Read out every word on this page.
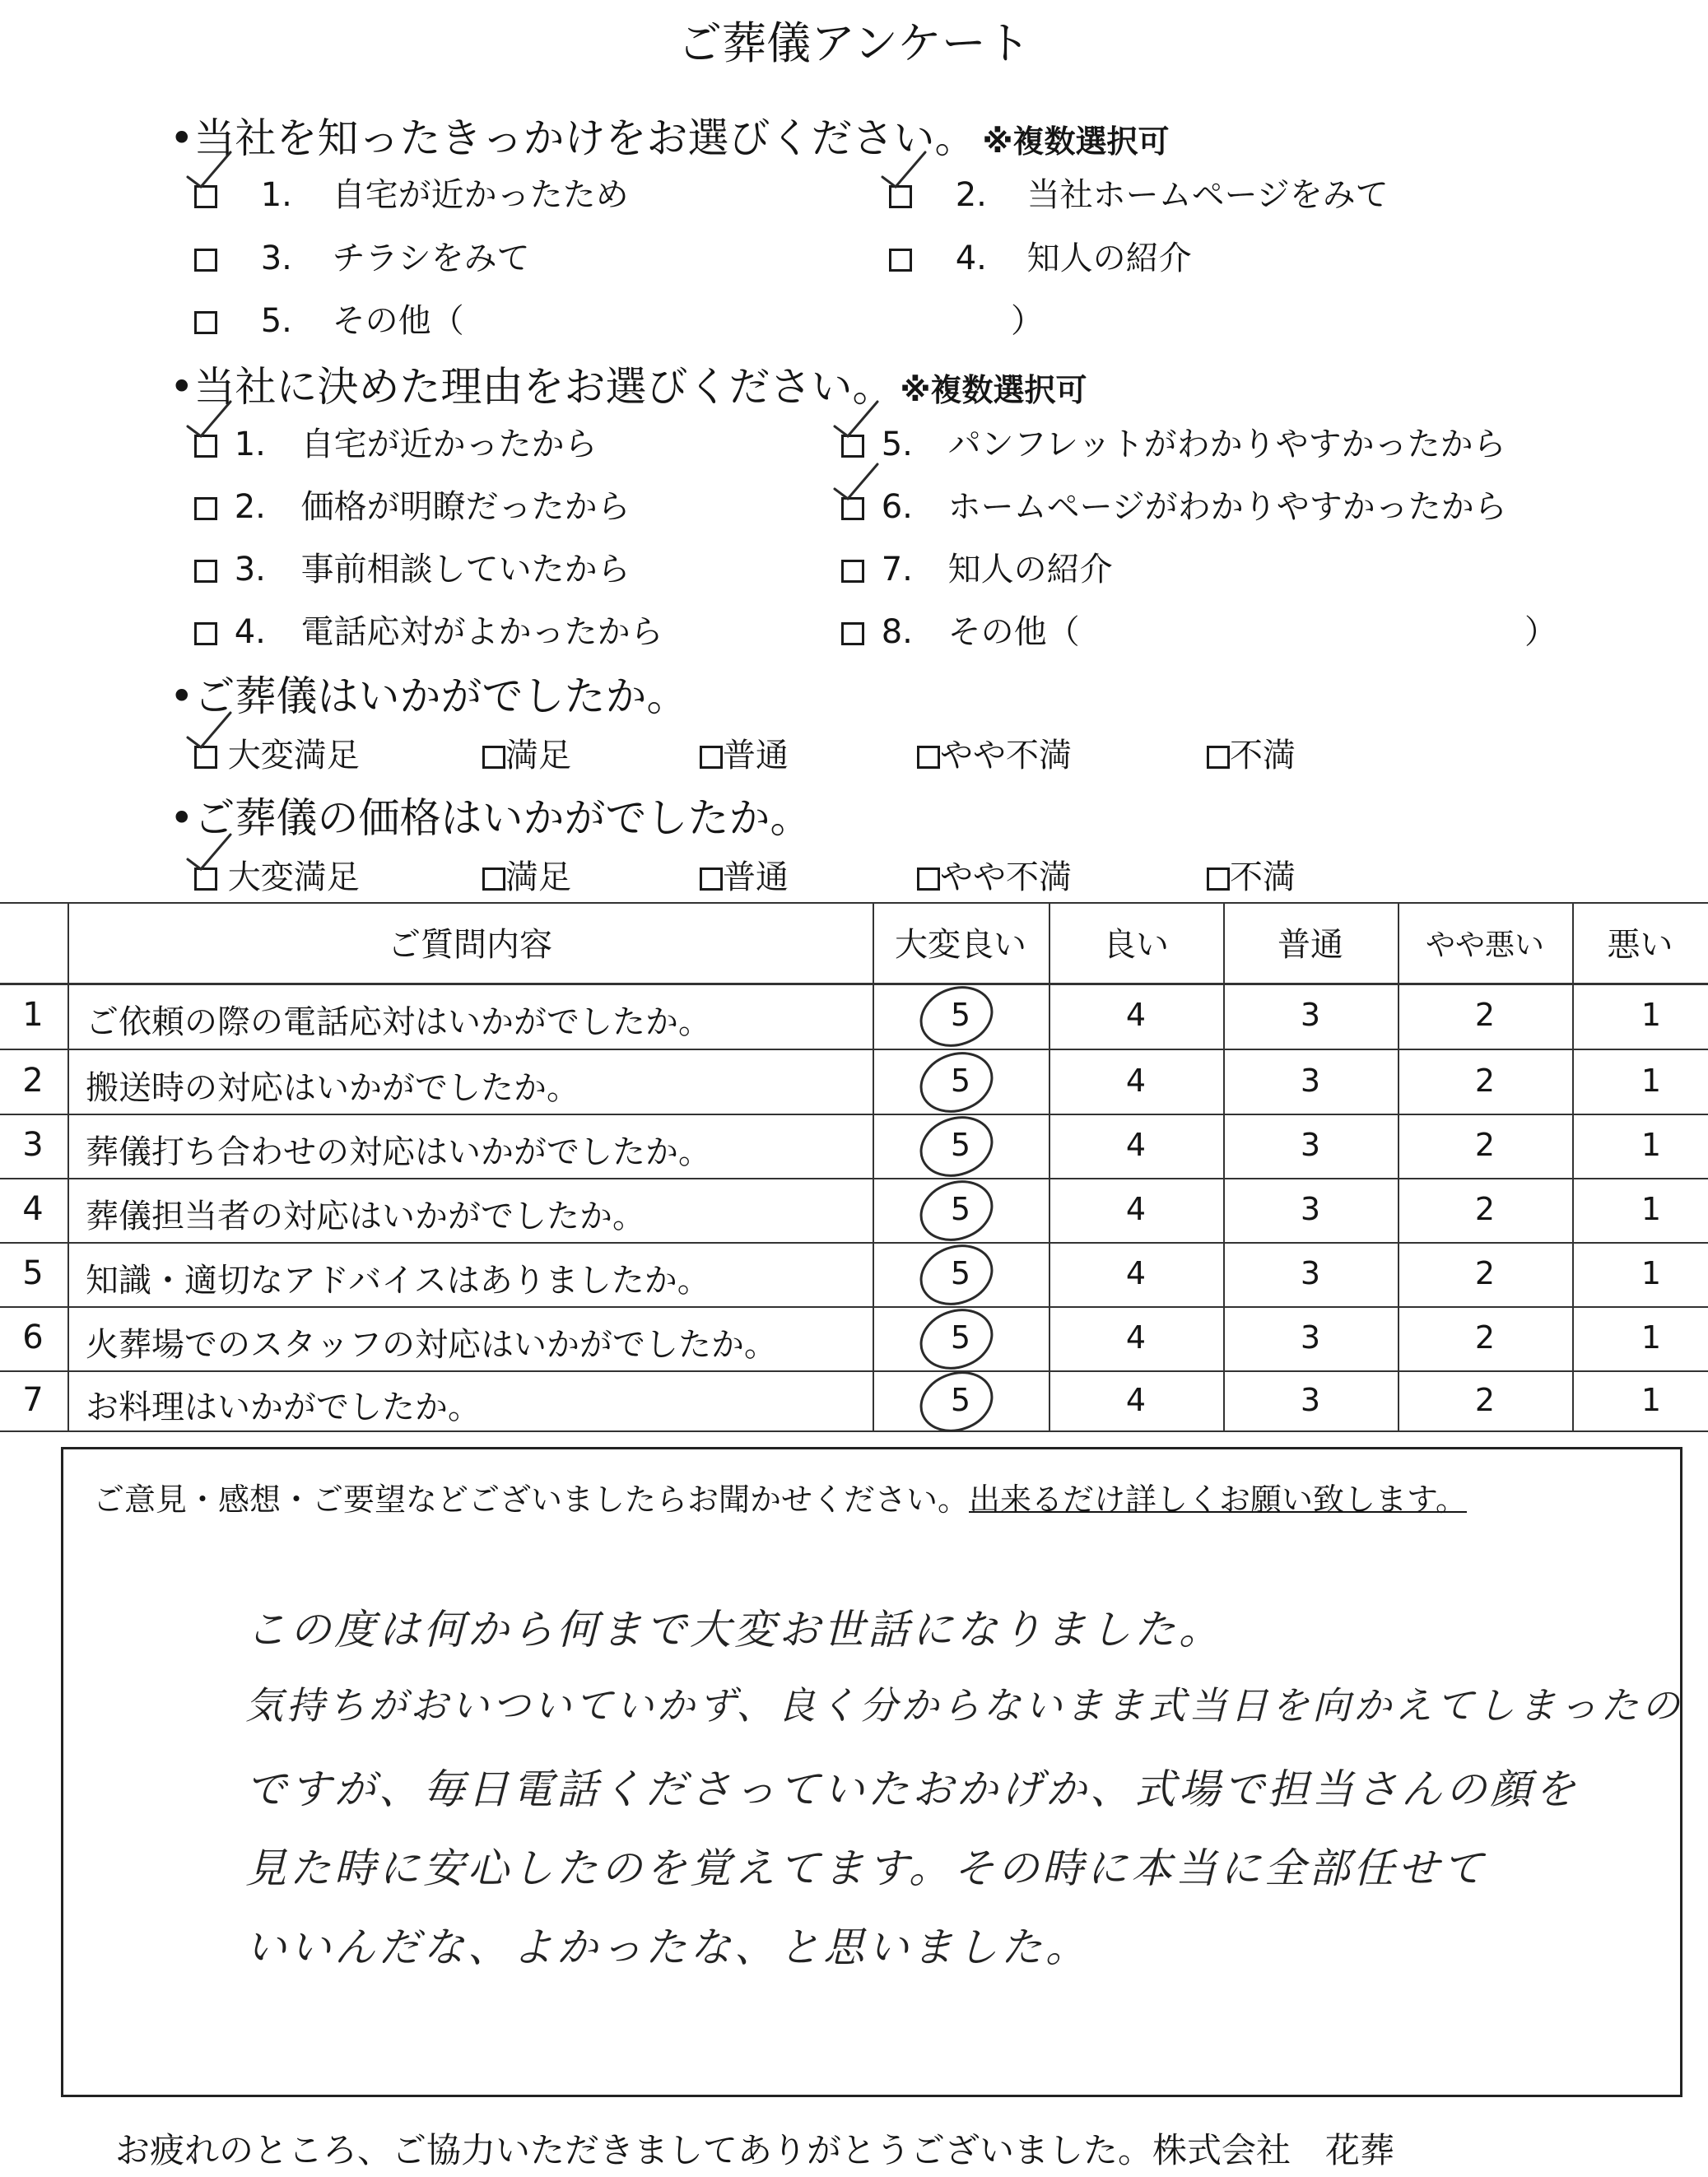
ご葬儀アンケート
•当社を知ったきっかけをお選びください。 ※複数選択可

1. 自宅が近かったため
	2. 当社ホームページをみて
3. チラシをみて	4. 知人の紹介
5. その他（	）
•当社に決めた理由をお選びください。 ※複数選択可

1. 自宅が近かったから
2. 価格が明瞭だったから
3. 事前相談していたから
4. 電話応対がよかったから

5. パンフレットがわかりやすかったから

6. ホームページがわかりやすかったから
7. 知人の紹介
8. その他（	）
•ご葬儀はいかがでしたか。

大変満足	満足	普通	やや不満	不満
•ご葬儀の価格はいかがでしたか。

大変満足	満足	普通	やや不満	不満
ご質問内容	大変良い	良い	普通	やや悪い	悪い
1	ご依頼の際の電話応対はいかがでしたか。	5	4	3	2	1
2	搬送時の対応はいかがでしたか。	5	4	3	2	1
3	葬儀打ち合わせの対応はいかがでしたか。	5	4	3	2	1
4	葬儀担当者の対応はいかがでしたか。	5	4	3	2	1
5	知識・適切なアドバイスはありましたか。	5	4	3	2	1
6	火葬場でのスタッフの対応はいかがでしたか。	5	4	3	2	1
7	お料理はいかがでしたか。	5	4	3	2	1
ご意見・感想・ご要望などございましたらお聞かせください。出来るだけ詳しくお願い致します。
この度は何から何まで大変お世話になりました。
気持ちがおいついていかず、良く分からないまま式当日を向かえてしまったの
ですが、毎日電話くださっていたおかげか、式場で担当さんの顔を
見た時に安心したのを覚えてます。その時に本当に全部任せて
いいんだな、よかったな、と思いました。
お疲れのところ、ご協力いただきましてありがとうございました。株式会社　花葬
